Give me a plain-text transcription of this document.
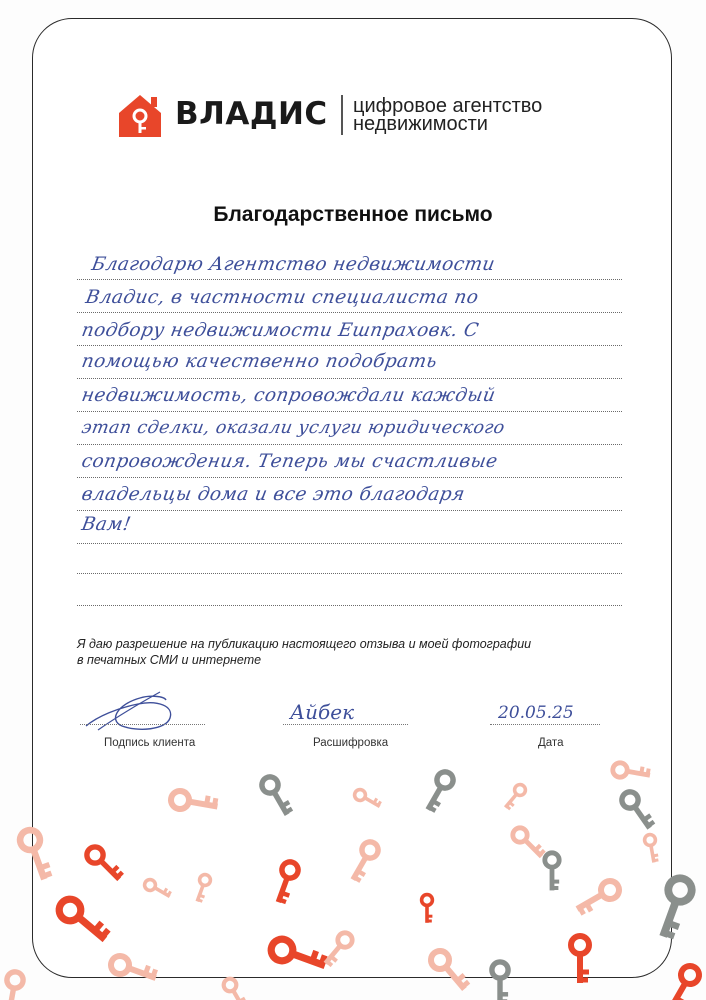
ВЛАДИС цифровое агентство
недвижимости
Благодарственное письмо
Благодарю Агентство недвижимости
Владис, в частности специалиста по
подбору недвижимости Ешпраховк. С
помощью качественно подобрать
недвижимость, сопровождали каждый
этап сделки, оказали услуги юридического
сопровождения. Теперь мы счастливые
владельцы дома и все это благодаря
Вам!
Я даю разрешение на публикацию настоящего отзыва и моей фотографии
в печатных СМИ и интернете
Подпись клиента
Айбек
Расшифровка
20.05.25
Дата
